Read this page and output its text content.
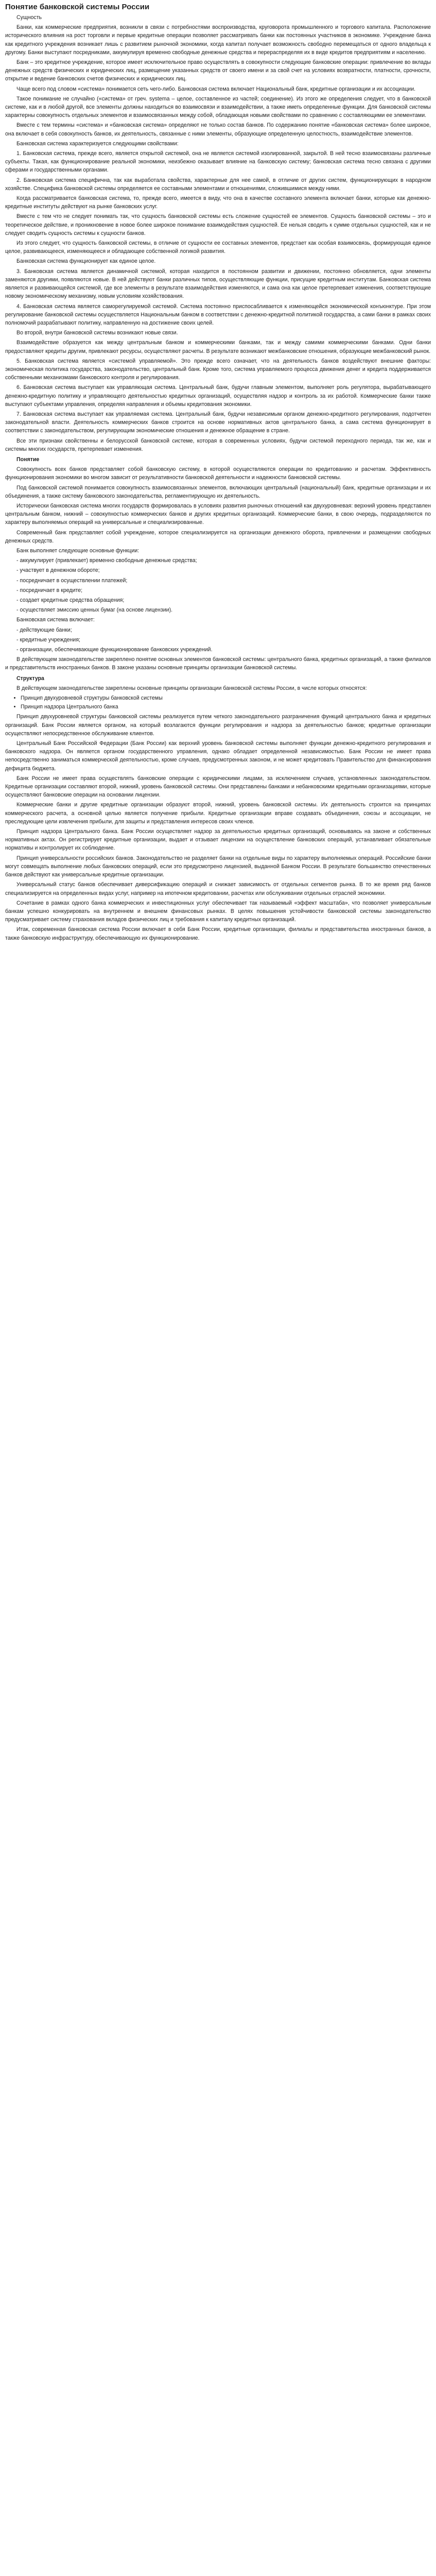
Понятие банковской системы России

Сущность

Банки, как коммерческие предприятия, возникли в связи с потребностями воспроизводства, круговорота промышленного и торгового капитала. Расположение исторического влияния на рост торговли и первые кредитные операции позволяет рассматривать банки как постоянных участников в экономике. Учреждение банка как кредитного учреждения возникает лишь с развитием рыночной экономики, когда капитал получает возможность свободно перемещаться от одного владельца к другому. Банки выступают посредниками, аккумулируя временно свободные денежные средства и перераспределяя их в виде кредитов предприятиям и населению.

Банк – это кредитное учреждение, которое имеет исключительное право осуществлять в совокупности следующие банковские операции: привлечение во вклады денежных средств физических и юридических лиц, размещение указанных средств от своего имени и за свой счет на условиях возвратности, платности, срочности, открытие и ведение банковских счетов физических и юридических лиц.

Чаще всего под словом «система» понимается сеть чего-либо. Банковская система включает Национальный банк, кредитные организации и их ассоциации.

Такое понимание не случайно («система» от греч. systema – целое, составленное из частей; соединение). Из этого же определения следует, что в банковской системе, как и в любой другой, все элементы должны находиться во взаимосвязи и взаимодействии, а также иметь определенные функции. Для банковской системы характерны совокупность отдельных элементов и взаимосвязанных между собой, обладающая новыми свойствами по сравнению с составляющими ее элементами.

Вместе с тем термины «система» и «банковская система» определяют не только состав банков. По содержанию понятие «банковская система» более широкое, она включает в себя совокупность банков, их деятельность, связанные с ними элементы, образующие определенную целостность, взаимодействие элементов.

Банковская система характеризуется следующими свойствами:

1. Банковская система, прежде всего, является открытой системой, она не является системой изолированной, закрытой. В ней тесно взаимосвязаны различные субъекты. Такая, как функционирование реальной экономики, неизбежно оказывает влияние на банковскую систему; банковская система тесно связана с другими сферами и государственными органами.

2. Банковская система специфична, так как выработала свойства, характерные для нее самой, в отличие от других систем, функционирующих в народном хозяйстве. Специфика банковской системы определяется ее составными элементами и отношениями, сложившимися между ними.

Когда рассматривается банковская система, то, прежде всего, имеется в виду, что она в качестве составного элемента включает банки, которые как денежно-кредитные институты действуют на рынке банковских услуг.

Вместе с тем что не следует понимать так, что сущность банковской системы есть сложение сущностей ее элементов. Сущность банковской системы – это и теоретическое действие, и проникновение в новое более широкое понимание взаимодействия сущностей. Ее нельзя сводить к сумме отдельных сущностей, как и не следует сводить сущность системы к сущности банков.

Из этого следует, что сущность банковской системы, в отличие от сущности ее составных элементов, предстает как особая взаимосвязь, формирующая единое целое, развивающееся, изменяющееся и обладающее собственной логикой развития.

Банковская система функционирует как единое целое.

3. Банковская система является динамичной системой, которая находится в постоянном развитии и движении, постоянно обновляется, одни элементы заменяются другими, появляются новые. В ней действуют банки различных типов, осуществляющие функции, присущие кредитным институтам. Банковская система является и развивающейся системой, где все элементы в результате взаимодействия изменяются, и сама она как целое претерпевает изменения, соответствующие новому экономическому механизму, новым условиям хозяйствования.

4. Банковская система является саморегулируемой системой. Система постоянно приспосабливается к изменяющейся экономической конъюнктуре. При этом регулирование банковской системы осуществляется Национальным банком в соответствии с денежно-кредитной политикой государства, а сами банки в рамках своих полномочий разрабатывают политику, направленную на достижение своих целей.

Во второй, внутри банковской системы возникают новые связи.

Взаимодействие образуется как между центральным банком и коммерческими банками, так и между самими коммерческими банками. Одни банки предоставляют кредиты другим, привлекают ресурсы, осуществляют расчеты. В результате возникают межбанковские отношения, образующие межбанковский рынок.

5. Банковская система является «системой управляемой». Это прежде всего означает, что на деятельность банков воздействуют внешние факторы: экономическая политика государства, законодательство, центральный банк. Кроме того, система управляемого процесса движения денег и кредита поддерживается собственными механизмами банковского контроля и регулирования.

6. Банковская система выступает как управляющая система. Центральный банк, будучи главным элементом, выполняет роль регулятора, вырабатывающего денежно-кредитную политику и управляющего деятельностью кредитных организаций, осуществляя надзор и контроль за их работой. Коммерческие банки также выступают субъектами управления, определяя направления и объемы кредитования экономики.

7. Банковская система выступает как управляемая система. Центральный банк, будучи независимым органом денежно-кредитного регулирования, подотчетен законодательной власти. Деятельность коммерческих банков строится на основе нормативных актов центрального банка, а сама система функционирует в соответствии с законодательством, регулирующим экономические отношения и денежное обращение в стране.

Все эти признаки свойственны и белорусской банковской системе, которая в современных условиях, будучи системой переходного периода, так же, как и системы многих государств, претерпевает изменения.

Понятие

Совокупность всех банков представляет собой банковскую систему, в которой осуществляются операции по кредитованию и расчетам. Эффективность функционирования экономики во многом зависит от результативности банковской деятельности и надежности банковской системы.

Под банковской системой понимается совокупность взаимосвязанных элементов, включающих центральный (национальный) банк, кредитные организации и их объединения, а также систему банковского законодательства, регламентирующую их деятельность.

Исторически банковская система многих государств формировалась в условиях развития рыночных отношений как двухуровневая: верхний уровень представлен центральным банком, нижний – совокупностью коммерческих банков и других кредитных организаций. Коммерческие банки, в свою очередь, подразделяются по характеру выполняемых операций на универсальные и специализированные.

Современный банк представляет собой учреждение, которое специализируется на организации денежного оборота, привлечении и размещении свободных денежных средств.

Банк выполняет следующие основные функции:

- аккумулирует (привлекает) временно свободные денежные средства;

- участвует в денежном обороте;

- посредничает в осуществлении платежей;

- посредничает в кредите;

- создает кредитные средства обращения;

- осуществляет эмиссию ценных бумаг (на основе лицензии).

Банковская система включает:

- действующие банки;

- кредитные учреждения;

- организации, обеспечивающие функционирование банковских учреждений.

В действующем законодательстве закреплено понятие основных элементов банковской системы: центрального банка, кредитных организаций, а также филиалов и представительств иностранных банков. В законе указаны основные принципы организации банковской системы.

Структура

В действующем законодательстве закреплены основные принципы организации банковской системы России, в числе которых относятся:

• Принцип двухуровневой структуры банковской системы
• Принцип надзора Центрального банка

Принцип двухуровневой структуры банковской системы реализуется путем четкого законодательного разграничения функций центрального банка и кредитных организаций. Банк России является органом, на который возлагаются функции регулирования и надзора за деятельностью банков; кредитные организации осуществляют непосредственное обслуживание клиентов.

Центральный Банк Российской Федерации (Банк России) как верхний уровень банковской системы выполняет функции денежно-кредитного регулирования и банковского надзора. Он является органом государственного управления, однако обладает определенной независимостью. Банк России не имеет права непосредственно заниматься коммерческой деятельностью, кроме случаев, предусмотренных законом, и не может кредитовать Правительство для финансирования дефицита бюджета.

Банк России не имеет права осуществлять банковские операции с юридическими лицами, за исключением случаев, установленных законодательством. Кредитные организации составляют второй, нижний, уровень банковской системы. Они представлены банками и небанковскими кредитными организациями, которые осуществляют банковские операции на основании лицензии.

Коммерческие банки и другие кредитные организации образуют второй, нижний, уровень банковской системы. Их деятельность строится на принципах коммерческого расчета, а основной целью является получение прибыли. Кредитные организации вправе создавать объединения, союзы и ассоциации, не преследующие цели извлечения прибыли, для защиты и представления интересов своих членов.

Принцип надзора Центрального банка. Банк России осуществляет надзор за деятельностью кредитных организаций, основываясь на законе и собственных нормативных актах. Он регистрирует кредитные организации, выдает и отзывает лицензии на осуществление банковских операций, устанавливает обязательные нормативы и контролирует их соблюдение.

Принцип универсальности российских банков. Законодательство не разделяет банки на отдельные виды по характеру выполняемых операций. Российские банки могут совмещать выполнение любых банковских операций, если это предусмотрено лицензией, выданной Банком России. В результате большинство отечественных банков действуют как универсальные кредитные организации.

Универсальный статус банков обеспечивает диверсификацию операций и снижает зависимость от отдельных сегментов рынка. В то же время ряд банков специализируется на определенных видах услуг, например на ипотечном кредитовании, расчетах или обслуживании отдельных отраслей экономики.

Сочетание в рамках одного банка коммерческих и инвестиционных услуг обеспечивает так называемый «эффект масштаба», что позволяет универсальным банкам успешно конкурировать на внутреннем и внешнем финансовых рынках. В целях повышения устойчивости банковской системы законодательство предусматривает систему страхования вкладов физических лиц и требования к капиталу кредитных организаций.

Итак, современная банковская система России включает в себя Банк России, кредитные организации, филиалы и представительства иностранных банков, а также банковскую инфраструктуру, обеспечивающую их функционирование.
